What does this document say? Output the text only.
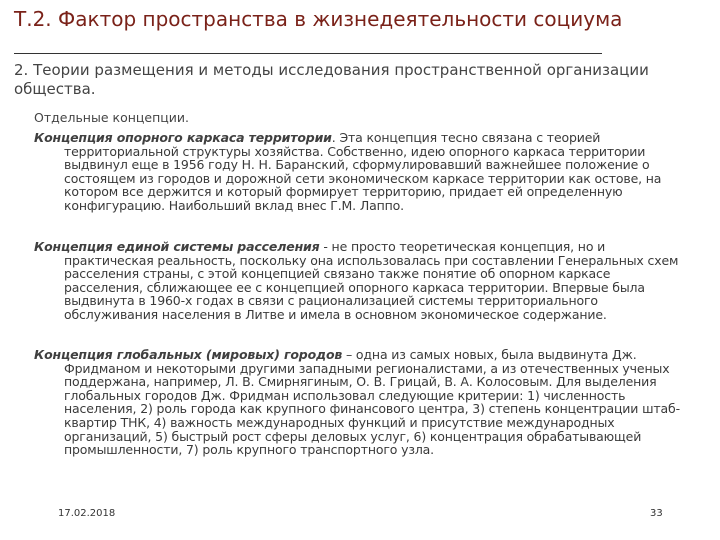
Т.2. Фактор пространства в жизнедеятельности социума
2. Теории размещения и методы исследования пространственной организации общества.
Отдельные концепции.

Концепция опорного каркаса территории. Эта концепция тесно связана с теорией территориальной структуры хозяйства. Собственно, идею опорного каркаса территории выдвинул еще в 1956 году Н. Н. Баранский, сформулировавший важнейшее положение о состоящем из городов и дорожной сети экономическом каркасе территории как остове, на котором все держится и который формирует территорию, придает ей определенную конфигурацию. Наибольший вклад внес Г.М. Лаппо.

Концепция единой системы расселения - не просто теоретическая концепция, но и практическая реальность, поскольку она использовалась при составлении Генеральных схем расселения страны, с этой концепцией связано также понятие об опорном каркасе расселения, сближающее ее с концепцией опорного каркаса территории. Впервые была выдвинута в 1960-х годах в связи с рационализацией системы территориального обслуживания населения в Литве и имела в основном экономическое содержание.

Концепция глобальных (мировых) городов – одна из самых новых, была выдвинута Дж. Фридманом и некоторыми другими западными регионалистами, а из отечественных ученых поддержана, например, Л. В. Смирнягиным, О. В. Грицай, В. А. Колосовым. Для выделения глобальных городов Дж. Фридман использовал следующие критерии: 1) численность населения, 2) роль города как крупного финансового центра, 3) степень концентрации штаб-квартир ТНК, 4) важность международных функций и присутствие международных организаций, 5) быстрый рост сферы деловых услуг, 6) концентрация обрабатывающей промышленности, 7) роль крупного транспортного узла.

17.02.2018	33
